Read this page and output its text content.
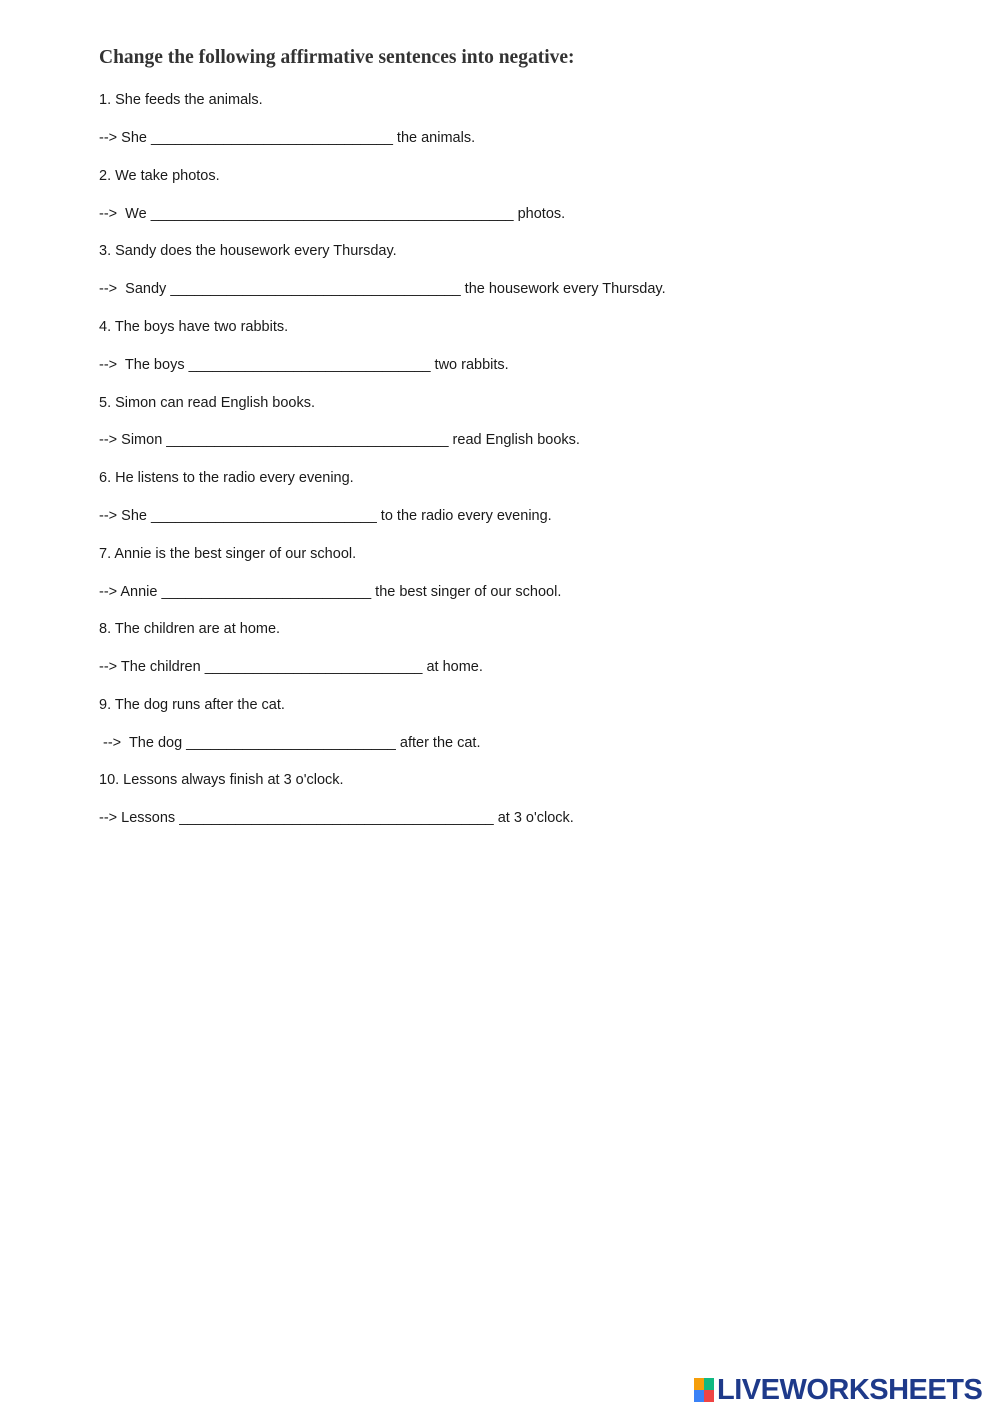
Change the following affirmative sentences into negative:
1. She feeds the animals.
--> She ______________________________ the animals.
2. We take photos.
-->  We _____________________________________________ photos.
3. Sandy does the housework every Thursday.
-->  Sandy ____________________________________ the housework every Thursday.
4. The boys have two rabbits.
-->  The boys ______________________________ two rabbits.
5. Simon can read English books.
--> Simon ___________________________________ read English books.
6. He listens to the radio every evening.
--> She ____________________________ to the radio every evening.
7. Annie is the best singer of our school.
--> Annie __________________________ the best singer of our school.
8. The children are at home.
--> The children ___________________________ at home.
9. The dog runs after the cat.
-->  The dog __________________________ after the cat.
10. Lessons always finish at 3 o'clock.
--> Lessons _______________________________________ at 3 o'clock.
LIVEWORKSHEETS
